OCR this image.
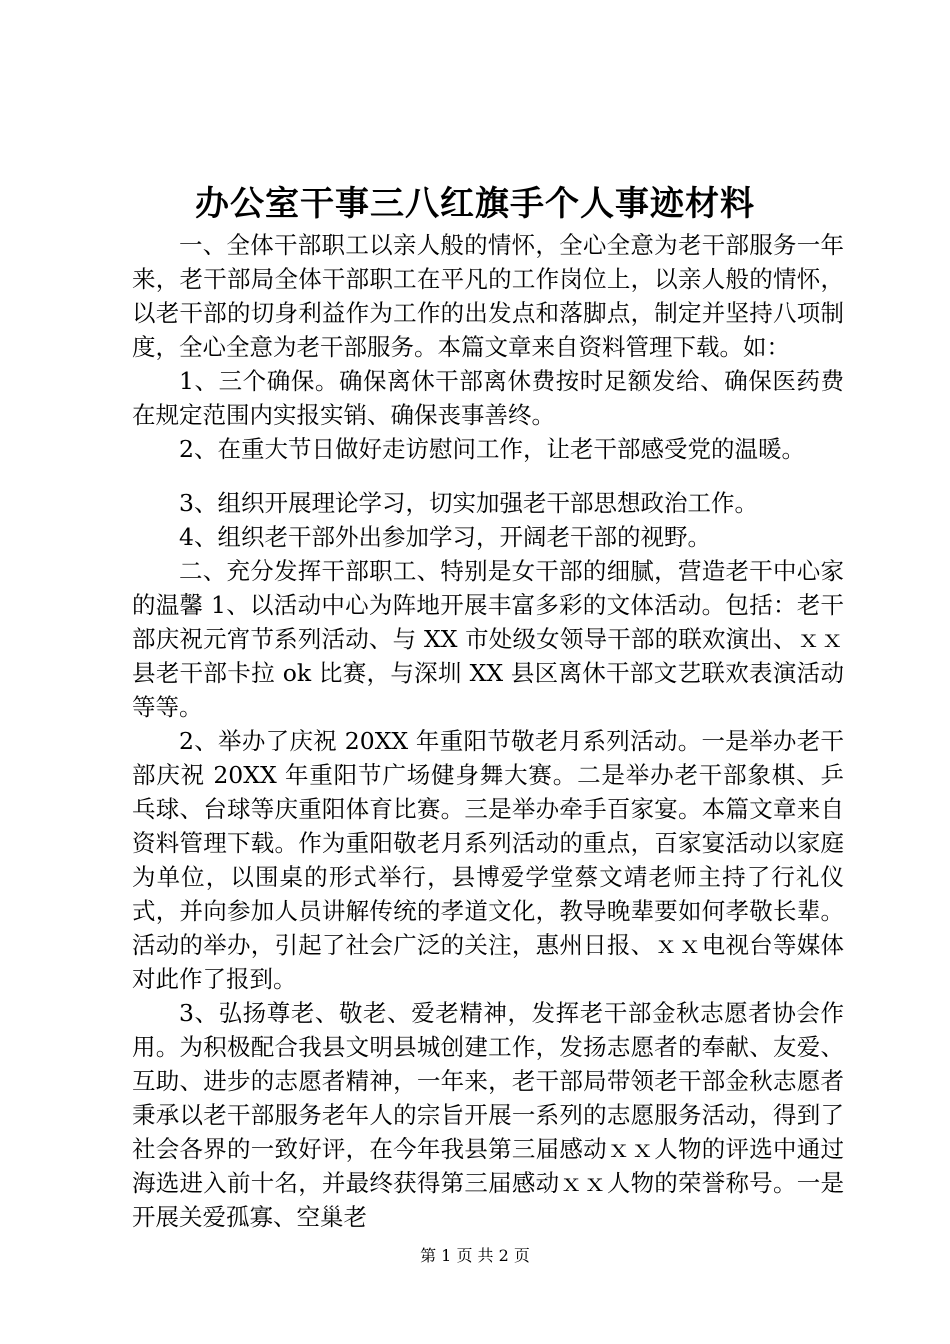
办公室干事三八红旗手个人事迹材料

一、全体干部职工以亲人般的情怀，全心全意为老干部服务一年来，老干部局全体干部职工在平凡的工作岗位上，以亲人般的情怀，以老干部的切身利益作为工作的出发点和落脚点，制定并坚持八项制度，全心全意为老干部服务。本篇文章来自资料管理下载。如：

1、三个确保。确保离休干部离休费按时足额发给、确保医药费在规定范围内实报实销、确保丧事善终。

2、在重大节日做好走访慰问工作，让老干部感受党的温暖。

3、组织开展理论学习，切实加强老干部思想政治工作。

4、组织老干部外出参加学习，开阔老干部的视野。

二、充分发挥干部职工、特别是女干部的细腻，营造老干中心家的温馨 1、以活动中心为阵地开展丰富多彩的文体活动。包括：老干部庆祝元宵节系列活动、与 XX 市处级女领导干部的联欢演出、ｘｘ县老干部卡拉 ok 比赛，与深圳 XX 县区离休干部文艺联欢表演活动等等。

2、举办了庆祝 20XX 年重阳节敬老月系列活动。一是举办老干部庆祝 20XX 年重阳节广场健身舞大赛。二是举办老干部象棋、乒乓球、台球等庆重阳体育比赛。三是举办牵手百家宴。本篇文章来自资料管理下载。作为重阳敬老月系列活动的重点，百家宴活动以家庭为单位，以围桌的形式举行，县博爱学堂蔡文靖老师主持了行礼仪式，并向参加人员讲解传统的孝道文化，教导晚辈要如何孝敬长辈。活动的举办，引起了社会广泛的关注，惠州日报、ｘｘ电视台等媒体对此作了报到。

3、弘扬尊老、敬老、爱老精神，发挥老干部金秋志愿者协会作用。为积极配合我县文明县城创建工作，发扬志愿者的奉献、友爱、互助、进步的志愿者精神，一年来，老干部局带领老干部金秋志愿者秉承以老干部服务老年人的宗旨开展一系列的志愿服务活动，得到了社会各界的一致好评，在今年我县第三届感动ｘｘ人物的评选中通过海选进入前十名，并最终获得第三届感动ｘｘ人物的荣誉称号。一是开展关爱孤寡、空巢老

第 1 页 共 2 页
